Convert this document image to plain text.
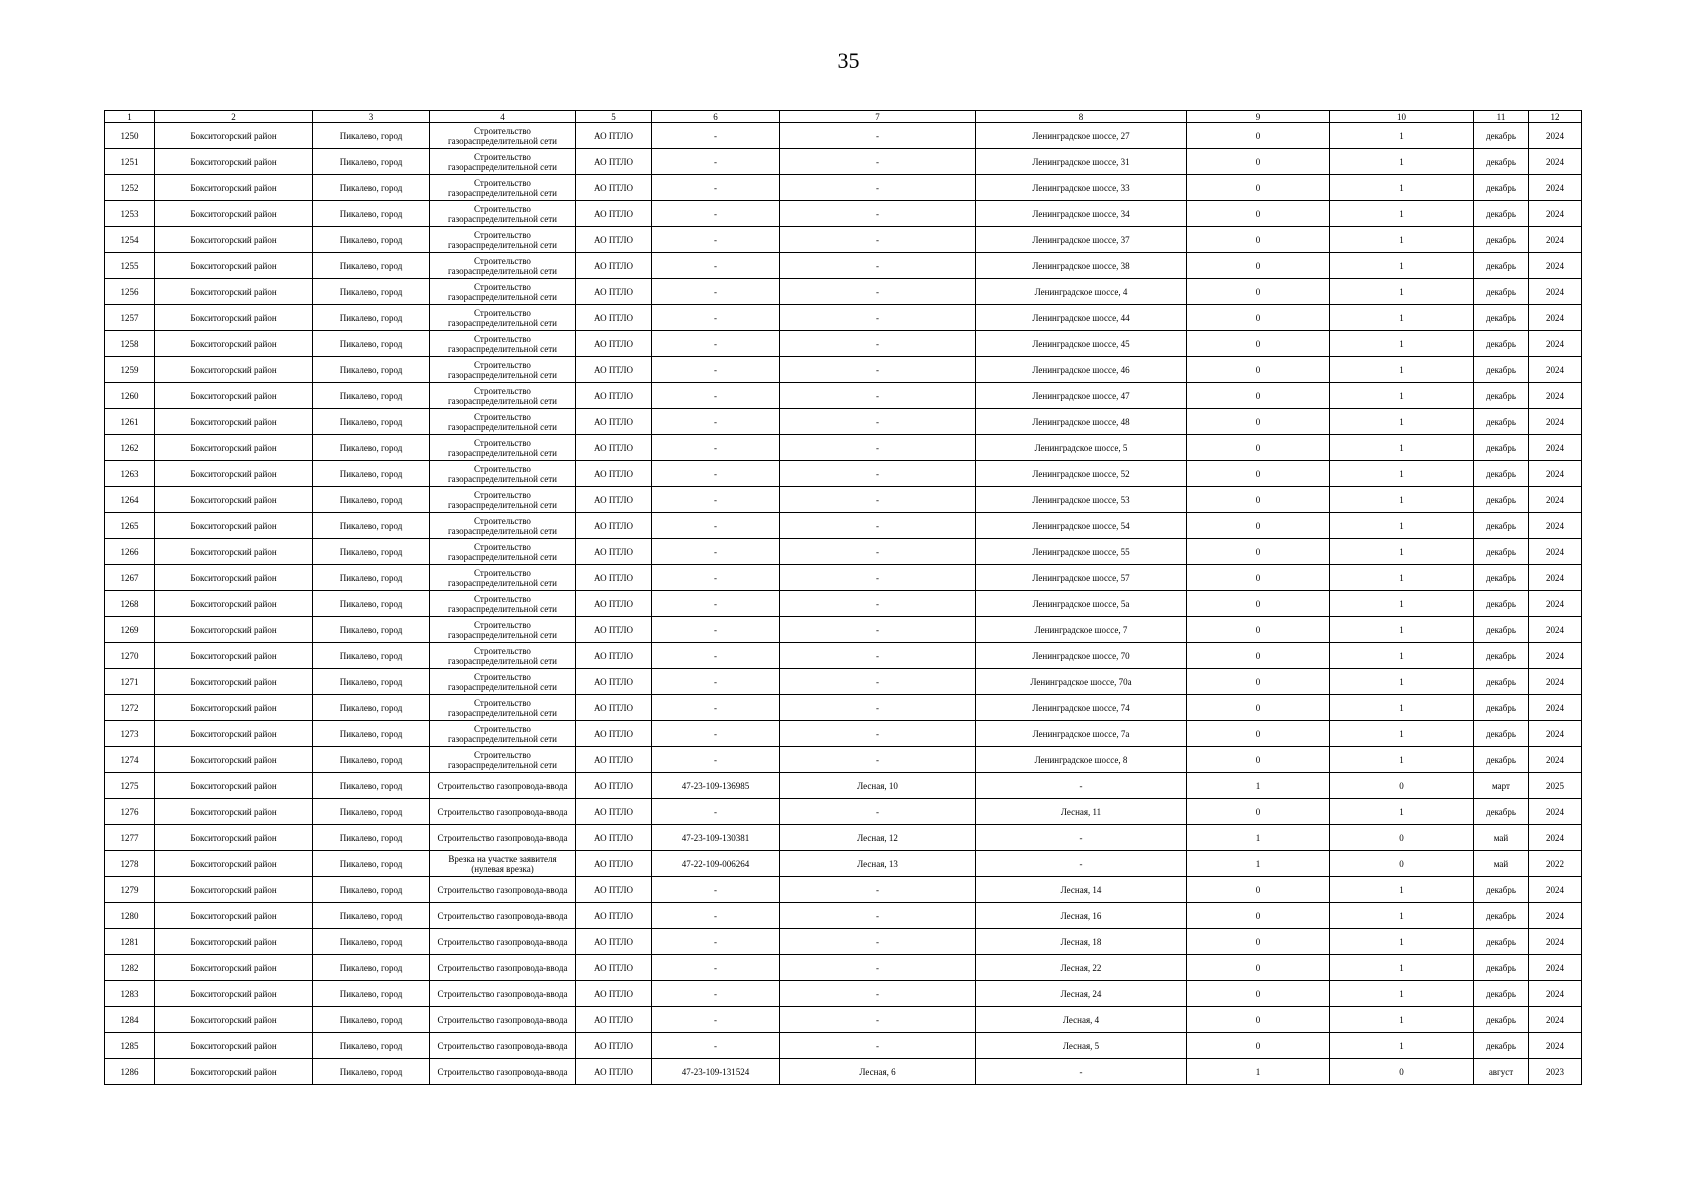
35
1	2	3	4	5	6	7	8	9	10	11	12
1250	Бокситогорский район	Пикалево, город	Строительство газораспределительной сети	АО ПТЛО	-	-	Ленинградское шоссе, 27	0	1	декабрь	2024
1251	Бокситогорский район	Пикалево, город	Строительство газораспределительной сети	АО ПТЛО	-	-	Ленинградское шоссе, 31	0	1	декабрь	2024
1252	Бокситогорский район	Пикалево, город	Строительство газораспределительной сети	АО ПТЛО	-	-	Ленинградское шоссе, 33	0	1	декабрь	2024
1253	Бокситогорский район	Пикалево, город	Строительство газораспределительной сети	АО ПТЛО	-	-	Ленинградское шоссе, 34	0	1	декабрь	2024
1254	Бокситогорский район	Пикалево, город	Строительство газораспределительной сети	АО ПТЛО	-	-	Ленинградское шоссе, 37	0	1	декабрь	2024
1255	Бокситогорский район	Пикалево, город	Строительство газораспределительной сети	АО ПТЛО	-	-	Ленинградское шоссе, 38	0	1	декабрь	2024
1256	Бокситогорский район	Пикалево, город	Строительство газораспределительной сети	АО ПТЛО	-	-	Ленинградское шоссе, 4	0	1	декабрь	2024
1257	Бокситогорский район	Пикалево, город	Строительство газораспределительной сети	АО ПТЛО	-	-	Ленинградское шоссе, 44	0	1	декабрь	2024
1258	Бокситогорский район	Пикалево, город	Строительство газораспределительной сети	АО ПТЛО	-	-	Ленинградское шоссе, 45	0	1	декабрь	2024
1259	Бокситогорский район	Пикалево, город	Строительство газораспределительной сети	АО ПТЛО	-	-	Ленинградское шоссе, 46	0	1	декабрь	2024
1260	Бокситогорский район	Пикалево, город	Строительство газораспределительной сети	АО ПТЛО	-	-	Ленинградское шоссе, 47	0	1	декабрь	2024
1261	Бокситогорский район	Пикалево, город	Строительство газораспределительной сети	АО ПТЛО	-	-	Ленинградское шоссе, 48	0	1	декабрь	2024
1262	Бокситогорский район	Пикалево, город	Строительство газораспределительной сети	АО ПТЛО	-	-	Ленинградское шоссе, 5	0	1	декабрь	2024
1263	Бокситогорский район	Пикалево, город	Строительство газораспределительной сети	АО ПТЛО	-	-	Ленинградское шоссе, 52	0	1	декабрь	2024
1264	Бокситогорский район	Пикалево, город	Строительство газораспределительной сети	АО ПТЛО	-	-	Ленинградское шоссе, 53	0	1	декабрь	2024
1265	Бокситогорский район	Пикалево, город	Строительство газораспределительной сети	АО ПТЛО	-	-	Ленинградское шоссе, 54	0	1	декабрь	2024
1266	Бокситогорский район	Пикалево, город	Строительство газораспределительной сети	АО ПТЛО	-	-	Ленинградское шоссе, 55	0	1	декабрь	2024
1267	Бокситогорский район	Пикалево, город	Строительство газораспределительной сети	АО ПТЛО	-	-	Ленинградское шоссе, 57	0	1	декабрь	2024
1268	Бокситогорский район	Пикалево, город	Строительство газораспределительной сети	АО ПТЛО	-	-	Ленинградское шоссе, 5а	0	1	декабрь	2024
1269	Бокситогорский район	Пикалево, город	Строительство газораспределительной сети	АО ПТЛО	-	-	Ленинградское шоссе, 7	0	1	декабрь	2024
1270	Бокситогорский район	Пикалево, город	Строительство газораспределительной сети	АО ПТЛО	-	-	Ленинградское шоссе, 70	0	1	декабрь	2024
1271	Бокситогорский район	Пикалево, город	Строительство газораспределительной сети	АО ПТЛО	-	-	Ленинградское шоссе, 70а	0	1	декабрь	2024
1272	Бокситогорский район	Пикалево, город	Строительство газораспределительной сети	АО ПТЛО	-	-	Ленинградское шоссе, 74	0	1	декабрь	2024
1273	Бокситогорский район	Пикалево, город	Строительство газораспределительной сети	АО ПТЛО	-	-	Ленинградское шоссе, 7а	0	1	декабрь	2024
1274	Бокситогорский район	Пикалево, город	Строительство газораспределительной сети	АО ПТЛО	-	-	Ленинградское шоссе, 8	0	1	декабрь	2024
1275	Бокситогорский район	Пикалево, город	Строительство газопровода-ввода	АО ПТЛО	47-23-109-136985	Лесная, 10	-	1	0	март	2025
1276	Бокситогорский район	Пикалево, город	Строительство газопровода-ввода	АО ПТЛО	-	-	Лесная, 11	0	1	декабрь	2024
1277	Бокситогорский район	Пикалево, город	Строительство газопровода-ввода	АО ПТЛО	47-23-109-130381	Лесная, 12	-	1	0	май	2024
1278	Бокситогорский район	Пикалево, город	Врезка на участке заявителя (нулевая врезка)	АО ПТЛО	47-22-109-006264	Лесная, 13	-	1	0	май	2022
1279	Бокситогорский район	Пикалево, город	Строительство газопровода-ввода	АО ПТЛО	-	-	Лесная, 14	0	1	декабрь	2024
1280	Бокситогорский район	Пикалево, город	Строительство газопровода-ввода	АО ПТЛО	-	-	Лесная, 16	0	1	декабрь	2024
1281	Бокситогорский район	Пикалево, город	Строительство газопровода-ввода	АО ПТЛО	-	-	Лесная, 18	0	1	декабрь	2024
1282	Бокситогорский район	Пикалево, город	Строительство газопровода-ввода	АО ПТЛО	-	-	Лесная, 22	0	1	декабрь	2024
1283	Бокситогорский район	Пикалево, город	Строительство газопровода-ввода	АО ПТЛО	-	-	Лесная, 24	0	1	декабрь	2024
1284	Бокситогорский район	Пикалево, город	Строительство газопровода-ввода	АО ПТЛО	-	-	Лесная, 4	0	1	декабрь	2024
1285	Бокситогорский район	Пикалево, город	Строительство газопровода-ввода	АО ПТЛО	-	-	Лесная, 5	0	1	декабрь	2024
1286	Бокситогорский район	Пикалево, город	Строительство газопровода-ввода	АО ПТЛО	47-23-109-131524	Лесная, 6	-	1	0	август	2023
